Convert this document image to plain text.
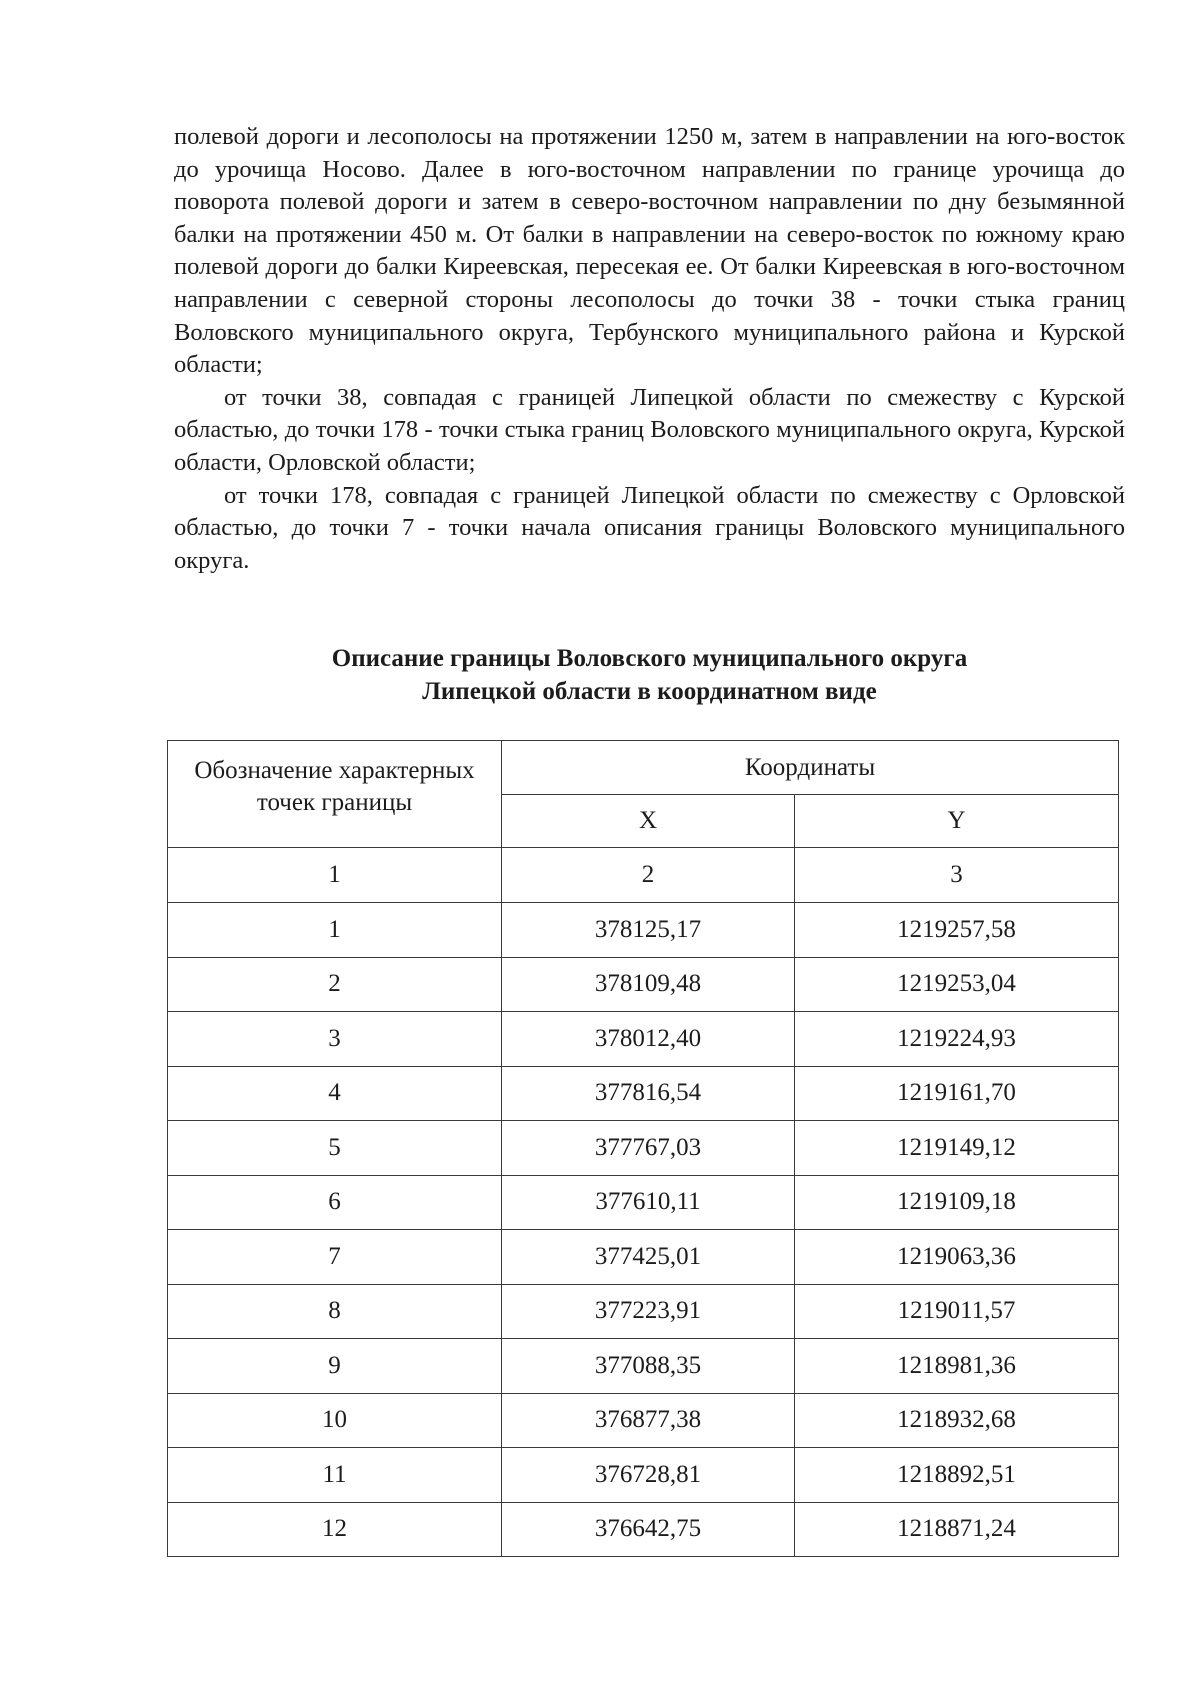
полевой дороги и лесополосы на протяжении 1250 м, затем в направлении на юго-восток до урочища Носово. Далее в юго-восточном направлении по границе урочища до поворота полевой дороги и затем в северо-восточном направлении по дну безымянной балки на протяжении 450 м. От балки в направлении на северо-восток по южному краю полевой дороги до балки Киреевская, пересекая ее. От балки Киреевская в юго-восточном направлении с северной стороны лесополосы до точки 38 - точки стыка границ Воловского муниципального округа, Тербунского муниципального района и Курской области;

от точки 38, совпадая с границей Липецкой области по смежеству с Курской областью, до точки 178 - точки стыка границ Воловского муниципального округа, Курской области, Орловской области;

от точки 178, совпадая с границей Липецкой области по смежеству с Орловской областью, до точки 7 - точки начала описания границы Воловского муниципального округа.

Описание границы Воловского муниципального округа
Липецкой области в координатном виде
Обозначение характерных точек границы	Координаты	
	X	Y
1	2	3
1	378125,17	1219257,58
2	378109,48	1219253,04
3	378012,40	1219224,93
4	377816,54	1219161,70
5	377767,03	1219149,12
6	377610,11	1219109,18
7	377425,01	1219063,36
8	377223,91	1219011,57
9	377088,35	1218981,36
10	376877,38	1218932,68
11	376728,81	1218892,51
12	376642,75	1218871,24
